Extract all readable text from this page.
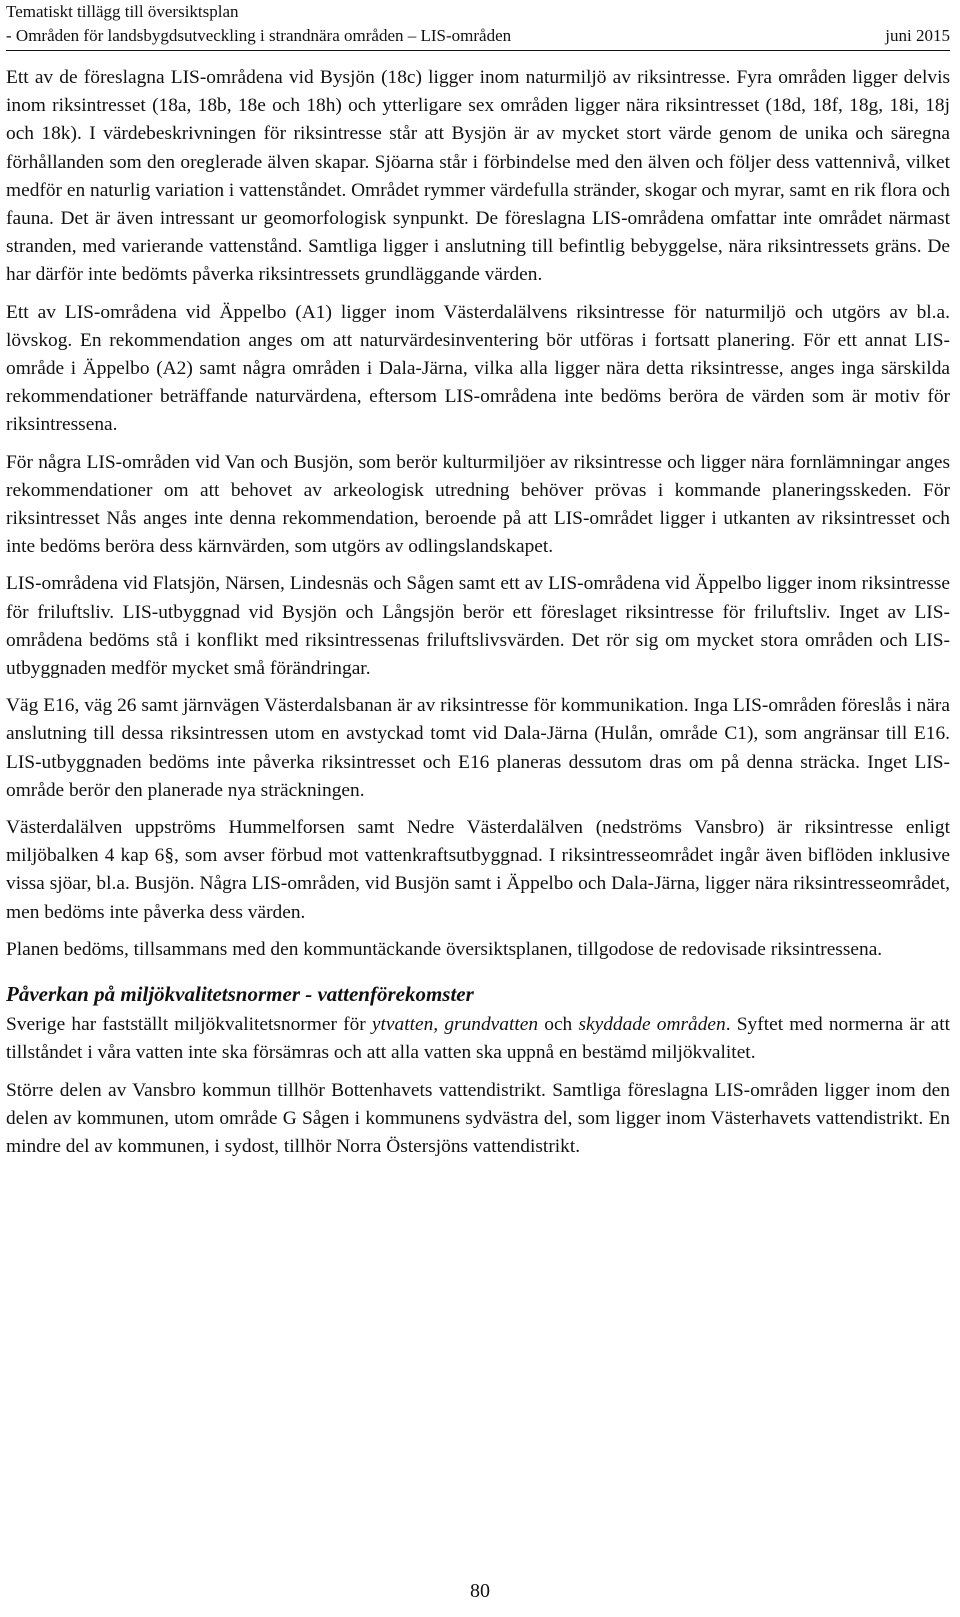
Tematiskt tillägg till översiktsplan
- Områden för landsbygdsutveckling i strandnära områden – LIS-områden	juni 2015

Ett av de föreslagna LIS-områdena vid Bysjön (18c) ligger inom naturmiljö av riksintresse. Fyra områden ligger delvis inom riksintresset (18a, 18b, 18e och 18h) och ytterligare sex områden ligger nära riksintresset (18d, 18f, 18g, 18i, 18j och 18k). I värdebeskrivningen för riksintresse står att Bysjön är av mycket stort värde genom de unika och säregna förhållanden som den oreglerade älven skapar. Sjöarna står i förbindelse med den älven och följer dess vattennivå, vilket medför en naturlig variation i vattenståndet. Området rymmer värdefulla stränder, skogar och myrar, samt en rik flora och fauna. Det är även intressant ur geomorfologisk synpunkt. De föreslagna LIS-områdena omfattar inte området närmast stranden, med varierande vattenstånd. Samtliga ligger i anslutning till befintlig bebyggelse, nära riksintressets gräns. De har därför inte bedömts påverka riksintressets grundläggande värden.

Ett av LIS-områdena vid Äppelbo (A1) ligger inom Västerdalälvens riksintresse för naturmiljö och utgörs av bl.a. lövskog. En rekommendation anges om att naturvärdesinventering bör utföras i fortsatt planering. För ett annat LIS-område i Äppelbo (A2) samt några områden i Dala-Järna, vilka alla ligger nära detta riksintresse, anges inga särskilda rekommendationer beträffande naturvärdena, eftersom LIS-områdena inte bedöms beröra de värden som är motiv för riksintressena.

För några LIS-områden vid Van och Busjön, som berör kulturmiljöer av riksintresse och ligger nära fornlämningar anges rekommendationer om att behovet av arkeologisk utredning behöver prövas i kommande planeringsskeden. För riksintresset Nås anges inte denna rekommendation, beroende på att LIS-området ligger i utkanten av riksintresset och inte bedöms beröra dess kärnvärden, som utgörs av odlingslandskapet.

LIS-områdena vid Flatsjön, Närsen, Lindesnäs och Sågen samt ett av LIS-områdena vid Äppelbo ligger inom riksintresse för friluftsliv. LIS-utbyggnad vid Bysjön och Långsjön berör ett föreslaget riksintresse för friluftsliv. Inget av LIS-områdena bedöms stå i konflikt med riksintressenas friluftslivsvärden. Det rör sig om mycket stora områden och LIS-utbyggnaden medför mycket små förändringar.

Väg E16, väg 26 samt järnvägen Västerdalsbanan är av riksintresse för kommunikation. Inga LIS-områden föreslås i nära anslutning till dessa riksintressen utom en avstyckad tomt vid Dala-Järna (Hulån, område C1), som angränsar till E16. LIS-utbyggnaden bedöms inte påverka riksintresset och E16 planeras dessutom dras om på denna sträcka. Inget LIS-område berör den planerade nya sträckningen.

Västerdalälven uppströms Hummelforsen samt Nedre Västerdalälven (nedströms Vansbro) är riksintresse enligt miljöbalken 4 kap 6§, som avser förbud mot vattenkraftsutbyggnad. I riksintresseområdet ingår även biflöden inklusive vissa sjöar, bl.a. Busjön. Några LIS-områden, vid Busjön samt i Äppelbo och Dala-Järna, ligger nära riksintresseområdet, men bedöms inte påverka dess värden.

Planen bedöms, tillsammans med den kommuntäckande översiktsplanen, tillgodose de redovisade riksintressena.

Påverkan på miljökvalitetsnormer - vattenförekomster

Sverige har fastställt miljökvalitetsnormer för ytvatten, grundvatten och skyddade områden. Syftet med normerna är att tillståndet i våra vatten inte ska försämras och att alla vatten ska uppnå en bestämd miljökvalitet.

Större delen av Vansbro kommun tillhör Bottenhavets vattendistrikt. Samtliga föreslagna LIS-områden ligger inom den delen av kommunen, utom område G Sågen i kommunens sydvästra del, som ligger inom Västerhavets vattendistrikt. En mindre del av kommunen, i sydost, tillhör Norra Östersjöns vattendistrikt.

80
